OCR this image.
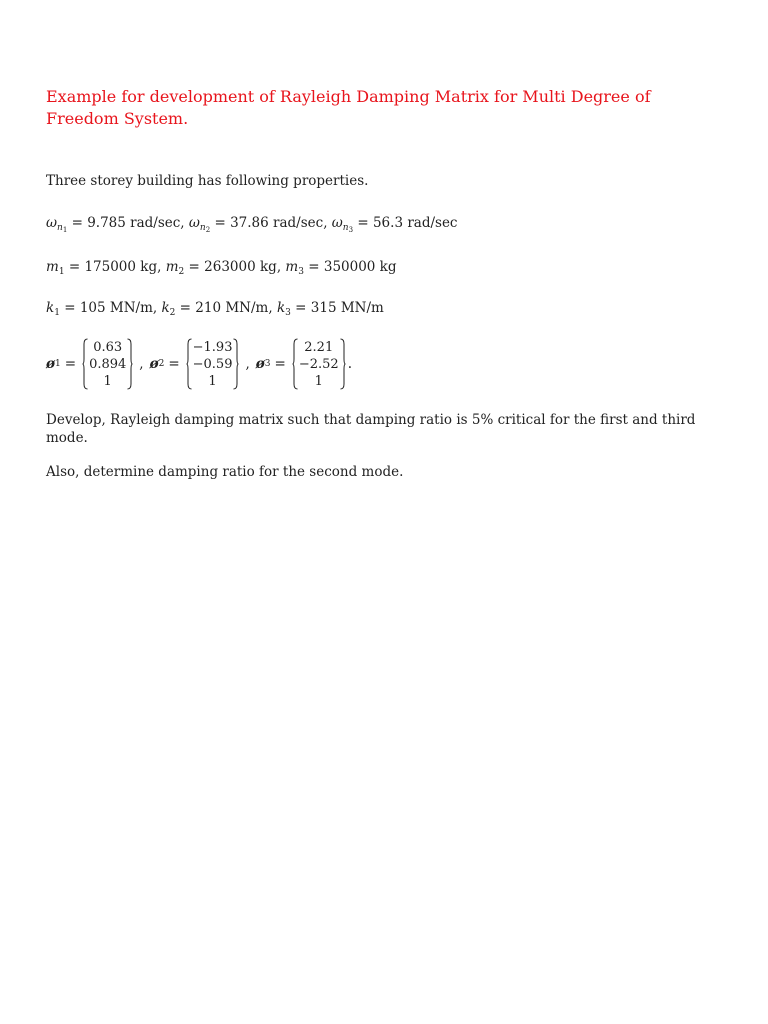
Example for development of Rayleigh Damping Matrix for Multi Degree of Freedom System.
Three storey building has following properties.
$\omega_{n_1} = 9.785$ rad/sec, $\omega_{n_2} = 37.86$ rad/sec, $\omega_{n_3} = 56.3$ rad/sec
$m_1 = 175000$ kg, $m_2 = 263000$ kg, $m_3 = 350000$ kg
$k_1 = 105$ MN/m, $k_2 = 210$ MN/m, $k_3 = 315$ MN/m
ø 1 =
0.63
0.894
1
, ø 2 =
−1.93
−0.59
1
, ø 3 =
2.21
−2.52
1
.
Develop, Rayleigh damping matrix such that damping ratio is 5% critical for the first and third mode.
Also, determine damping ratio for the second mode.
